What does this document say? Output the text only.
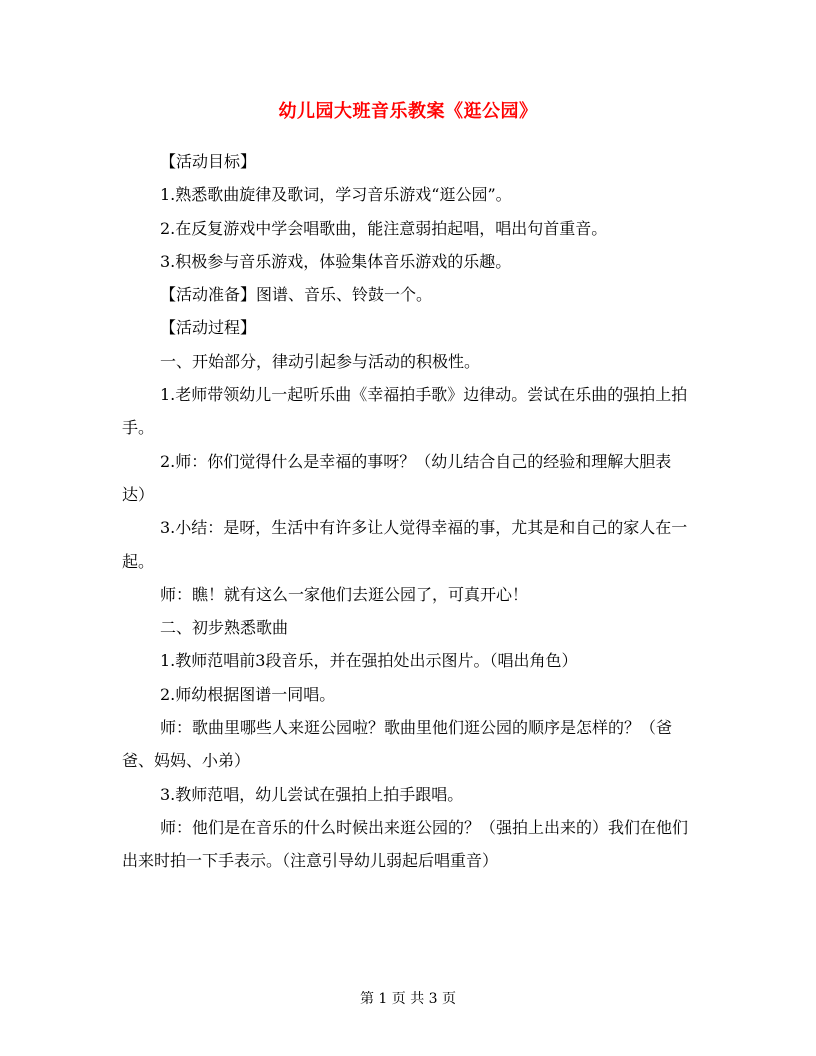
幼儿园大班音乐教案《逛公园》

【活动目标】

1.熟悉歌曲旋律及歌词，学习音乐游戏“逛公园”。

2.在反复游戏中学会唱歌曲，能注意弱拍起唱，唱出句首重音。

3.积极参与音乐游戏，体验集体音乐游戏的乐趣。

【活动准备】图谱、音乐、铃鼓一个。

【活动过程】

一、开始部分，律动引起参与活动的积极性。

1.老师带领幼儿一起听乐曲《幸福拍手歌》边律动。尝试在乐曲的强拍上拍手。

2.师：你们觉得什么是幸福的事呀？（幼儿结合自己的经验和理解大胆表达）

3.小结：是呀，生活中有许多让人觉得幸福的事，尤其是和自己的家人在一起。

师：瞧！就有这么一家他们去逛公园了，可真开心！

二、初步熟悉歌曲

1.教师范唱前3段音乐，并在强拍处出示图片。（唱出角色）

2.师幼根据图谱一同唱。

师：歌曲里哪些人来逛公园啦？歌曲里他们逛公园的顺序是怎样的？（爸爸、妈妈、小弟）

3.教师范唱，幼儿尝试在强拍上拍手跟唱。

师：他们是在音乐的什么时候出来逛公园的？（强拍上出来的）我们在他们出来时拍一下手表示。（注意引导幼儿弱起后唱重音）

第 1 页 共 3 页
